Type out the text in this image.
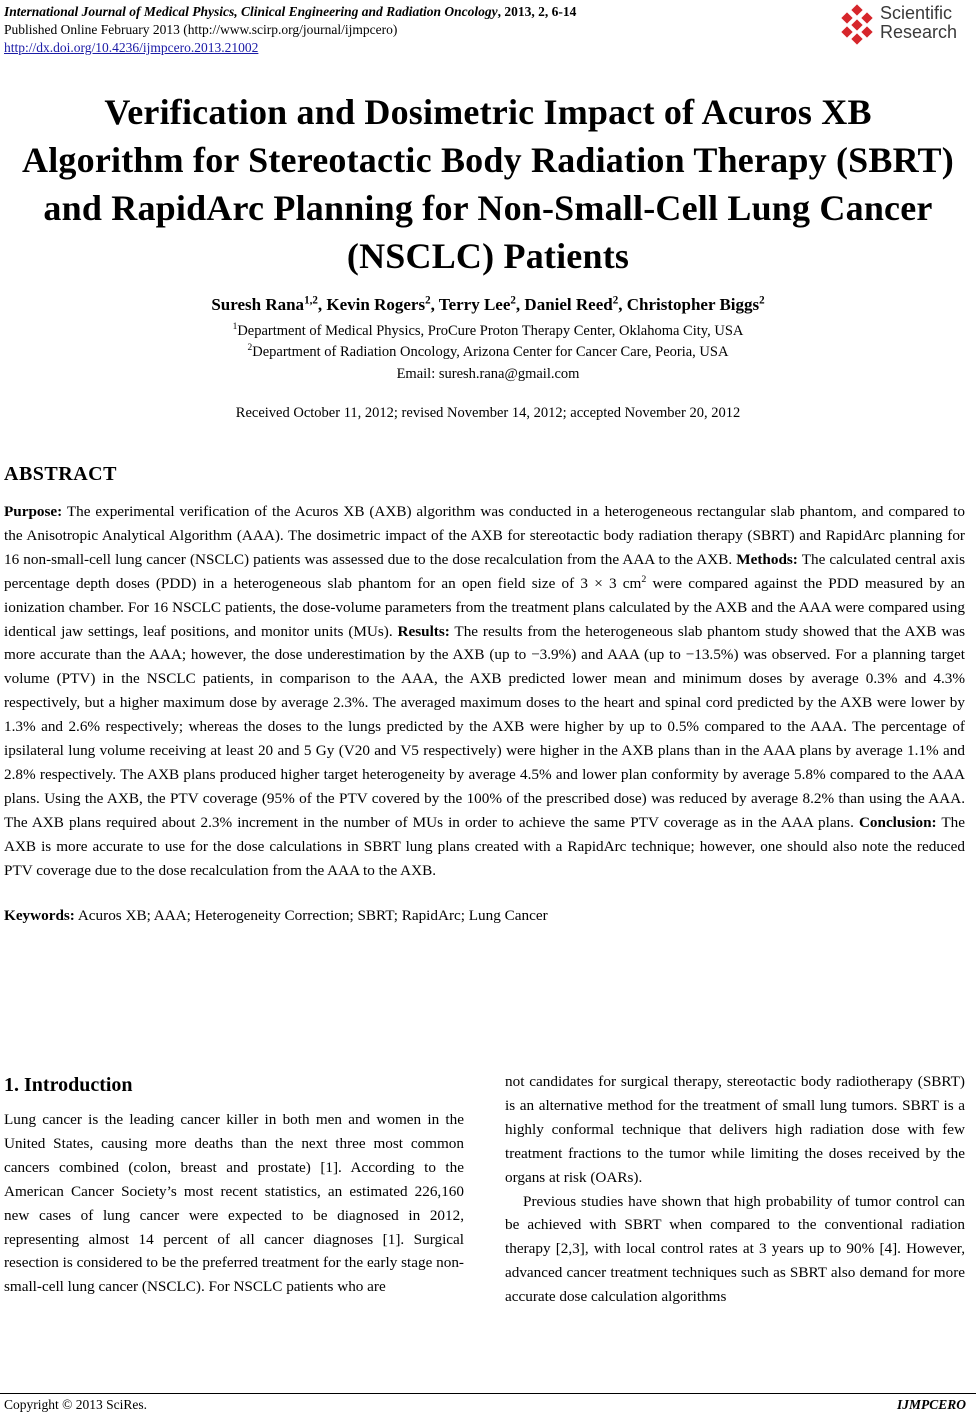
International Journal of Medical Physics, Clinical Engineering and Radiation Oncology, 2013, 2, 6-14
Published Online February 2013 (http://www.scirp.org/journal/ijmpcero)
http://dx.doi.org/10.4236/ijmpcero.2013.21002
Scientific
Research
Verification and Dosimetric Impact of Acuros XB
Algorithm for Stereotactic Body Radiation Therapy (SBRT)
and RapidArc Planning for Non-Small-Cell Lung Cancer
(NSCLC) Patients
Suresh Rana$^{1,2}$, Kevin Rogers$^2$, Terry Lee$^2$, Daniel Reed$^2$, Christopher Biggs$^2$
$^1$Department of Medical Physics, ProCure Proton Therapy Center, Oklahoma City, USA
$^2$Department of Radiation Oncology, Arizona Center for Cancer Care, Peoria, USA
Email: suresh.rana@gmail.com
Received October 11, 2012; revised November 14, 2012; accepted November 20, 2012
ABSTRACT
Purpose: The experimental verification of the Acuros XB (AXB) algorithm was conducted in a heterogeneous rectangular slab phantom, and compared to the Anisotropic Analytical Algorithm (AAA). The dosimetric impact of the AXB for stereotactic body radiation therapy (SBRT) and RapidArc planning for 16 non-small-cell lung cancer (NSCLC) patients was assessed due to the dose recalculation from the AAA to the AXB. Methods: The calculated central axis percentage depth doses (PDD) in a heterogeneous slab phantom for an open field size of 3 × 3 $cm^2$ were compared against the PDD measured by an ionization chamber. For 16 NSCLC patients, the dose-volume parameters from the treatment plans calculated by the AXB and the AAA were compared using identical jaw settings, leaf positions, and monitor units (MUs). Results: The results from the heterogeneous slab phantom study showed that the AXB was more accurate than the AAA; however, the dose underestimation by the AXB (up to −3.9%) and AAA (up to −13.5%) was observed. For a planning target volume (PTV) in the NSCLC patients, in comparison to the AAA, the AXB predicted lower mean and minimum doses by average 0.3% and 4.3% respectively, but a higher maximum dose by average 2.3%. The averaged maximum doses to the heart and spinal cord predicted by the AXB were lower by 1.3% and 2.6% respectively; whereas the doses to the lungs predicted by the AXB were higher by up to 0.5% compared to the AAA. The percentage of ipsilateral lung volume receiving at least 20 and 5 Gy (V20 and V5 respectively) were higher in the AXB plans than in the AAA plans by average 1.1% and 2.8% respectively. The AXB plans produced higher target heterogeneity by average 4.5% and lower plan conformity by average 5.8% compared to the AAA plans. Using the AXB, the PTV coverage (95% of the PTV covered by the 100% of the prescribed dose) was reduced by average 8.2% than using the AAA. The AXB plans required about 2.3% increment in the number of MUs in order to achieve the same PTV coverage as in the AAA plans. Conclusion: The AXB is more accurate to use for the dose calculations in SBRT lung plans created with a RapidArc technique; however, one should also note the reduced PTV coverage due to the dose recalculation from the AAA to the AXB.
Keywords: Acuros XB; AAA; Heterogeneity Correction; SBRT; RapidArc; Lung Cancer
1. Introduction

Lung cancer is the leading cancer killer in both men and women in the United States, causing more deaths than the next three most common cancers combined (colon, breast and prostate) [1]. According to the American Cancer Society’s most recent statistics, an estimated 226,160 new cases of lung cancer were expected to be diagnosed in 2012, representing almost 14 percent of all cancer diagnoses [1]. Surgical resection is considered to be the preferred treatment for the early stage non-small-cell lung cancer (NSCLC). For NSCLC patients who are

not candidates for surgical therapy, stereotactic body radiotherapy (SBRT) is an alternative method for the treatment of small lung tumors. SBRT is a highly conformal technique that delivers high radiation dose with few treatment fractions to the tumor while limiting the doses received by the organs at risk (OARs).

Previous studies have shown that high probability of tumor control can be achieved with SBRT when compared to the conventional radiation therapy [2,3], with local control rates at 3 years up to 90% [4]. However, advanced cancer treatment techniques such as SBRT also demand for more accurate dose calculation algorithms

Copyright © 2013 SciRes.	IJMPCERO
